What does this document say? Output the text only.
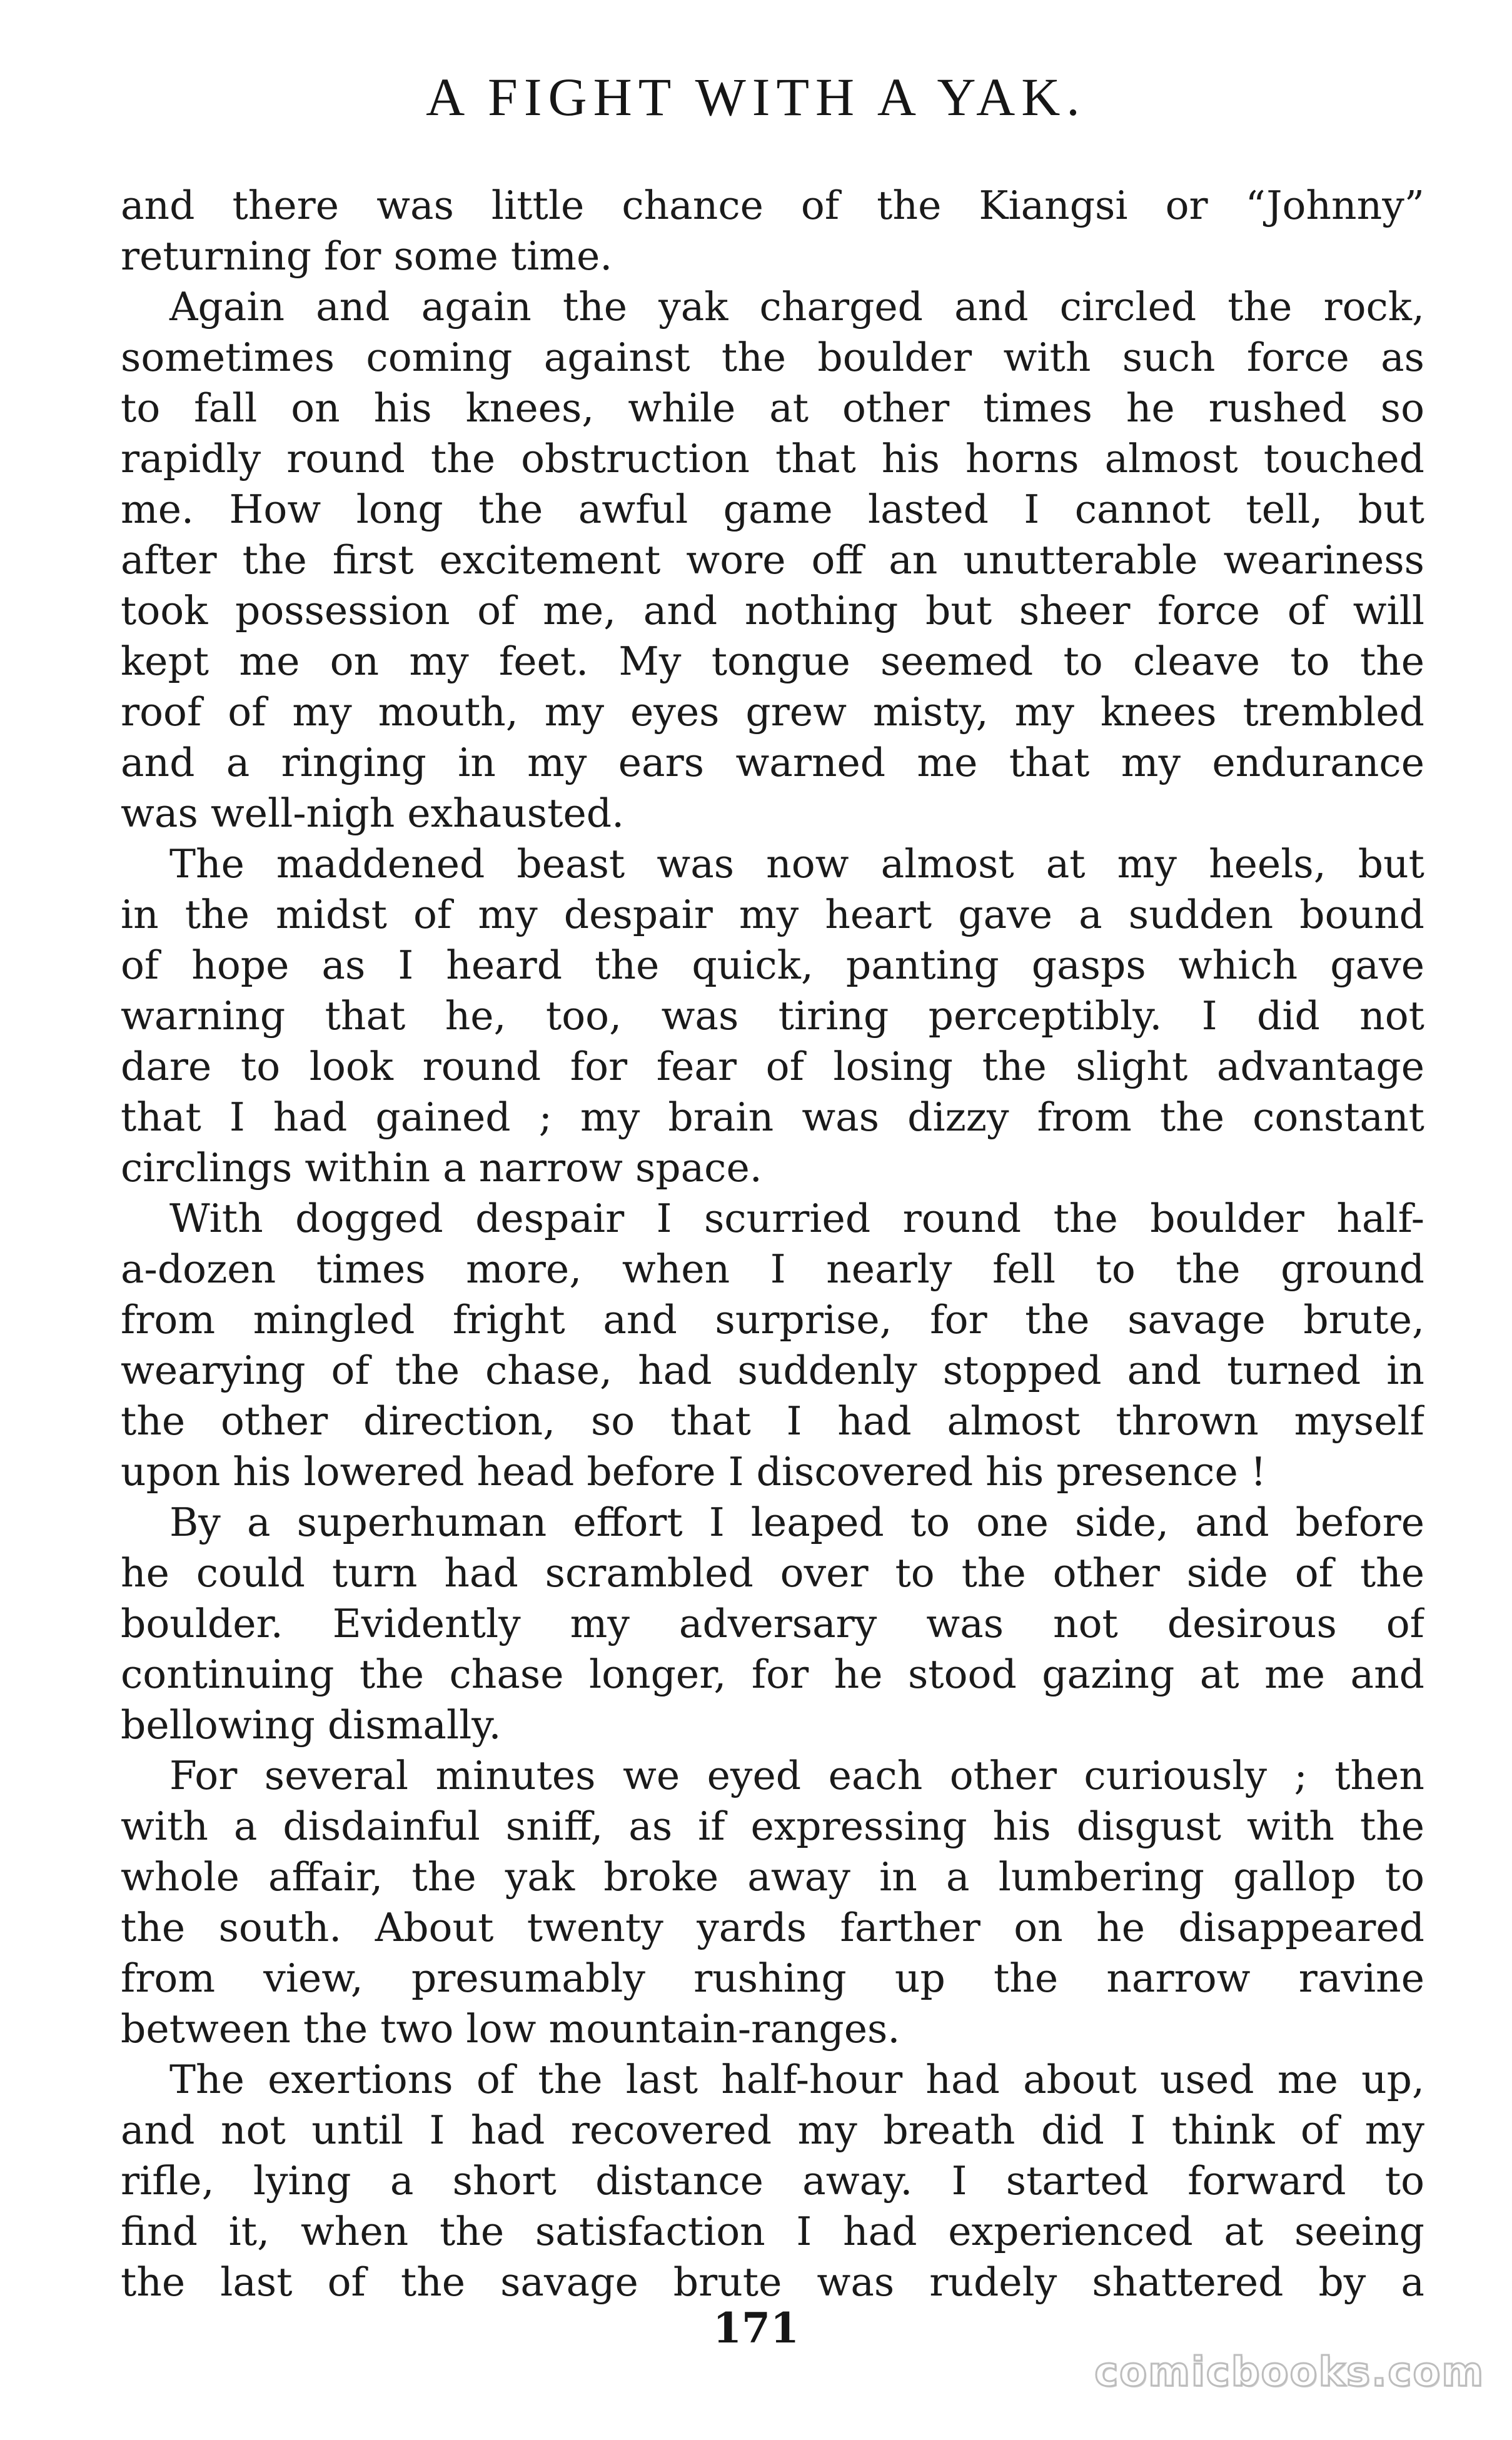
A FIGHT WITH A YAK.

and there was little chance of the Kiangsi or “Johnny”
returning for some time.

Again and again the yak charged and circled the rock,
sometimes coming against the boulder with such force as
to fall on his knees, while at other times he rushed so
rapidly round the obstruction that his horns almost touched
me. How long the awful game lasted I cannot tell, but
after the first excitement wore off an unutterable weariness
took possession of me, and nothing but sheer force of will
kept me on my feet. My tongue seemed to cleave to the
roof of my mouth, my eyes grew misty, my knees trembled
and a ringing in my ears warned me that my endurance
was well-nigh exhausted.

The maddened beast was now almost at my heels, but
in the midst of my despair my heart gave a sudden bound
of hope as I heard the quick, panting gasps which gave
warning that he, too, was tiring perceptibly. I did not
dare to look round for fear of losing the slight advantage
that I had gained ; my brain was dizzy from the constant
circlings within a narrow space.

With dogged despair I scurried round the boulder half-
a-dozen times more, when I nearly fell to the ground
from mingled fright and surprise, for the savage brute,
wearying of the chase, had suddenly stopped and turned in
the other direction, so that I had almost thrown myself
upon his lowered head before I discovered his presence !

By a superhuman effort I leaped to one side, and before
he could turn had scrambled over to the other side of the
boulder. Evidently my adversary was not desirous of
continuing the chase longer, for he stood gazing at me and
bellowing dismally.

For several minutes we eyed each other curiously ; then
with a disdainful sniff, as if expressing his disgust with the
whole affair, the yak broke away in a lumbering gallop to
the south. About twenty yards farther on he disappeared
from view, presumably rushing up the narrow ravine
between the two low mountain-ranges.

The exertions of the last half-hour had about used me up,
and not until I had recovered my breath did I think of my
rifle, lying a short distance away. I started forward to
find it, when the satisfaction I had experienced at seeing
the last of the savage brute was rudely shattered by a

171
comicbooks.com
